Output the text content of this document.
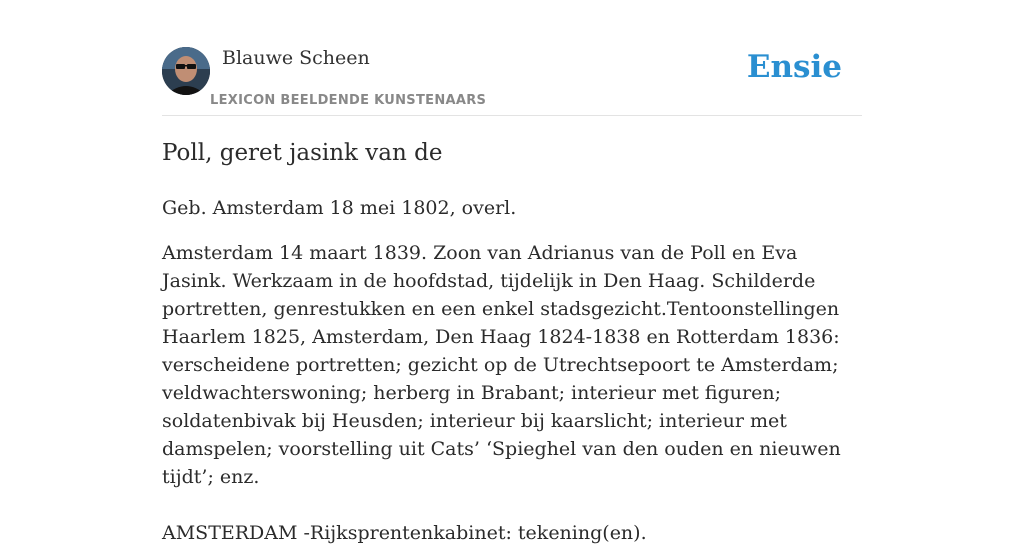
Blauwe Scheen
LEXICON BEELDENDE KUNSTENAARS
Ensie
Poll, geret jasink van de

Geb. Amsterdam 18 mei 1802, overl.

Amsterdam 14 maart 1839. Zoon van Adrianus van de Poll en Eva Jasink. Werkzaam in de hoofdstad, tijdelijk in Den Haag. Schilderde portretten, genrestukken en een enkel stadsgezicht.Tentoonstellingen Haarlem 1825, Amsterdam, Den Haag 1824-1838 en Rotterdam 1836: verscheidene portretten; gezicht op de Utrechtsepoort te Amsterdam; veldwachterswoning; herberg in Brabant; interieur met figuren; soldatenbivak bij Heusden; interieur bij kaarslicht; interieur met damspelen; voorstelling uit Cats’ ‘Spieghel van den ouden en nieuwen tijdt’; enz.

AMSTERDAM -Rijksprentenkabinet: tekening(en).
